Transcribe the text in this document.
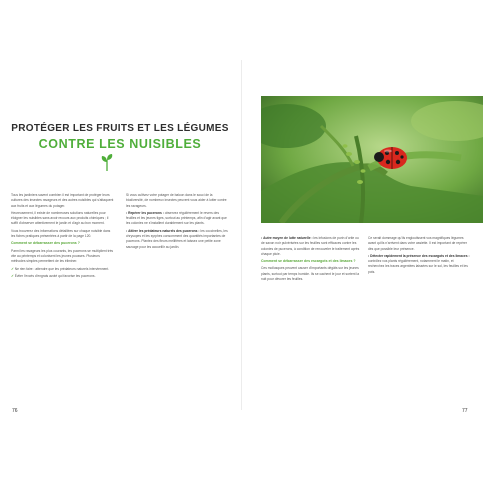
PROTÉGER LES FRUITS ET LES LÉGUMES
CONTRE LES NUISIBLES

Tous les jardiniers savent combien il est important de protéger leurs cultures des insectes ravageurs et des autres nuisibles qui s'attaquent aux fruits et aux légumes du potager.

Heureusement, il existe de nombreuses solutions naturelles pour éloigner les nuisibles sans avoir recours aux produits chimiques ; il suffit d'observer attentivement le jardin et d'agir au bon moment.

Vous trouverez des informations détaillées sur chaque nuisible dans les fiches pratiques présentées à partir de la page 120.

Comment se débarrasser des pucerons ?

Parmi les ravageurs les plus courants, les pucerons se multiplient très vite au printemps et colonisent les jeunes pousses. Plusieurs méthodes simples permettent de les éliminer.

✓ Ne rien faire : attendre que les prédateurs naturels interviennent.

✓ Éviter l'excès d'engrais azoté qui favorise les pucerons.

Si vous cultivez votre potager de balcon dans le souci de la biodiversité, de nombreux insectes peuvent vous aider à lutter contre les ravageurs.

• Repérer les pucerons : observez régulièrement le revers des feuilles et les jeunes tiges, surtout au printemps, afin d'agir avant que les colonies ne s'installent durablement sur les plants.

• Attirer les prédateurs naturels des pucerons : les coccinelles, les chrysopes et les syrphes consomment des quantités importantes de pucerons. Plantez des fleurs mellifères et laissez une petite zone sauvage pour les accueillir au jardin.

76

• Autre moyen de lutte naturelle : les infusions de purin d'ortie ou de savon noir pulvérisées sur les feuilles sont efficaces contre les colonies de pucerons, à condition de renouveler le traitement après chaque pluie.

Comment se débarrasser des escargots et des limaces ?

Ces mollusques peuvent causer d'importants dégâts sur les jeunes plants, surtout par temps humide. Ils se cachent le jour et sortent la nuit pour dévorer les feuilles.

Ce serait dommage qu'ils engloutissent vos magnifiques légumes avant qu'ils n'arrivent dans votre assiette. Il est important de repérer dès que possible leur présence.

• Détecter rapidement la présence des escargots et des limaces : contrôlez vos plants régulièrement, notamment le matin, et recherchez les traces argentées laissées sur le sol, les feuilles et les pots.

77
